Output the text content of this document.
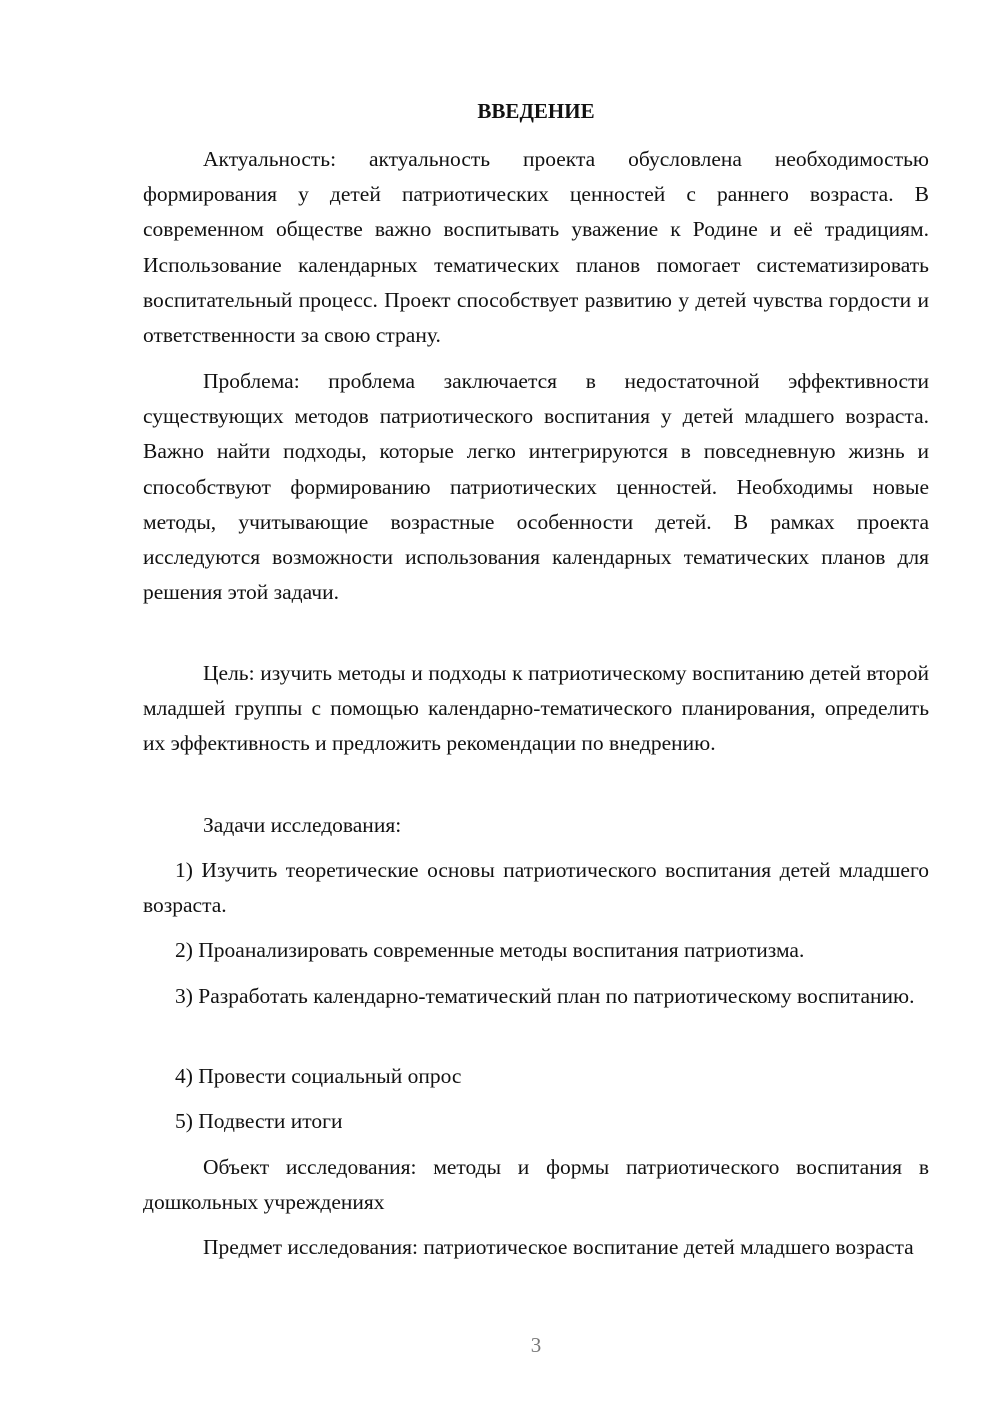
ВВЕДЕНИЕ

Актуальность: актуальность проекта обусловлена необходимостью формирования у детей патриотических ценностей с раннего возраста. В современном обществе важно воспитывать уважение к Родине и её традициям. Использование календарных тематических планов помогает систематизировать воспитательный процесс. Проект способствует развитию у детей чувства гордости и ответственности за свою страну.

Проблема: проблема заключается в недостаточной эффективности существующих методов патриотического воспитания у детей младшего возраста. Важно найти подходы, которые легко интегрируются в повседневную жизнь и способствуют формированию патриотических ценностей. Необходимы новые методы, учитывающие возрастные особенности детей. В рамках проекта исследуются возможности использования календарных тематических планов для решения этой задачи.

Цель: изучить методы и подходы к патриотическому воспитанию детей второй младшей группы с помощью календарно-тематического планирования, определить их эффективность и предложить рекомендации по внедрению.

Задачи исследования:

1) Изучить теоретические основы патриотического воспитания детей младшего возраста.

2) Проанализировать современные методы воспитания патриотизма.

3) Разработать календарно-тематический план по патриотическому воспитанию.

4) Провести социальный опрос

5) Подвести итоги

Объект исследования: методы и формы патриотического воспитания в дошкольных учреждениях

Предмет исследования: патриотическое воспитание детей младшего возраста

3
